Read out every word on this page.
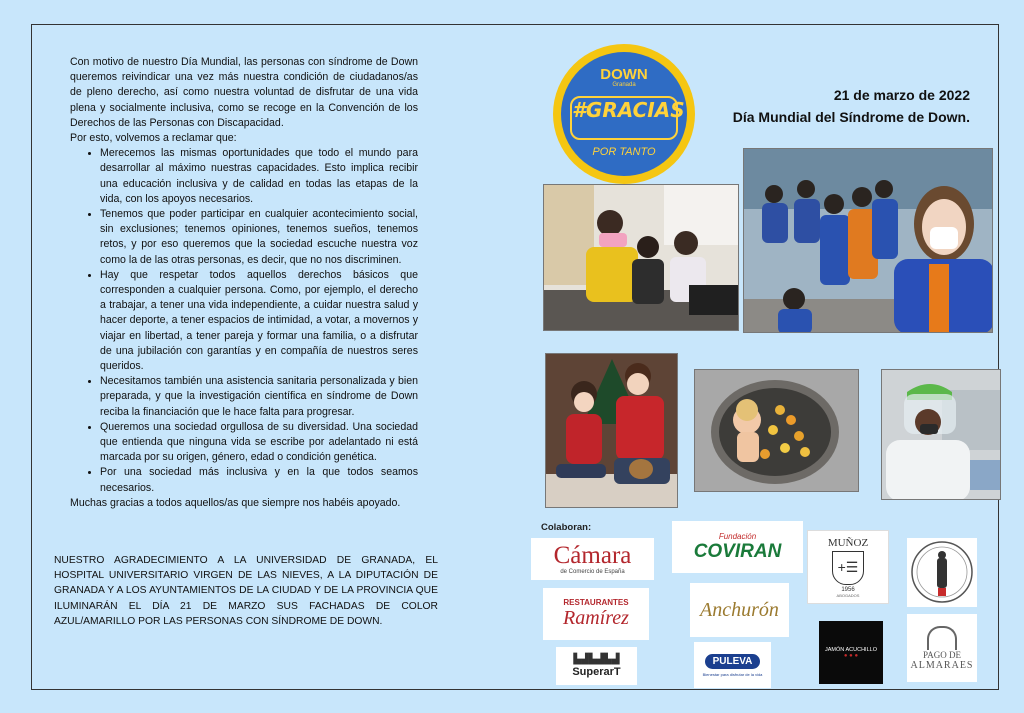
Con motivo de nuestro Día Mundial, las personas con síndrome de Down queremos reivindicar una vez más nuestra condición de ciudadanos/as de pleno derecho, así como nuestra voluntad de disfrutar de una vida plena y socialmente inclusiva, como se recoge en la Convención de los Derechos de las Personas con Discapacidad.

Por esto, volvemos a reclamar que:

• Merecemos las mismas oportunidades que todo el mundo para desarrollar al máximo nuestras capacidades. Esto implica recibir una educación inclusiva y de calidad en todas las etapas de la vida, con los apoyos necesarios.
• Tenemos que poder participar en cualquier acontecimiento social, sin exclusiones; tenemos opiniones, tenemos sueños, tenemos retos, y por eso queremos que la sociedad escuche nuestra voz como la de las otras personas, es decir, que no nos discriminen.
• Hay que respetar todos aquellos derechos básicos que corresponden a cualquier persona. Como, por ejemplo, el derecho a trabajar, a tener una vida independiente, a cuidar nuestra salud y hacer deporte, a tener espacios de intimidad, a votar, a movernos y viajar en libertad, a tener pareja y formar una familia, o a disfrutar de una jubilación con garantías y en compañía de nuestros seres queridos.
• Necesitamos también una asistencia sanitaria personalizada y bien preparada, y que la investigación científica en síndrome de Down reciba la financiación que le hace falta para progresar.
• Queremos una sociedad orgullosa de su diversidad. Una sociedad que entienda que ninguna vida se escribe por adelantado ni está marcada por su origen, género, edad o condición genética.
• Por una sociedad más inclusiva y en la que todos seamos necesarios.

Muchas gracias a todos aquellos/as que siempre nos habéis apoyado.

NUESTRO AGRADECIMIENTO A LA UNIVERSIDAD DE GRANADA, EL HOSPITAL UNIVERSITARIO VIRGEN DE LAS NIEVES, A LA DIPUTACIÓN DE GRANADA Y A LOS AYUNTAMIENTOS DE LA CIUDAD Y DE LA PROVINCIA QUE ILUMINARÁN EL DÍA 21 DE MARZO SUS FACHADAS DE COLOR AZUL/AMARILLO POR LAS PERSONAS CON SÍNDROME DE DOWN.
DOWN
Granada
#GRACIAS
POR TANTO
21 de marzo de 2022
Día Mundial del Síndrome de Down.
Colaboran:
Cámara
de Comercio de España
Fundación
COVIRAN	MUÑOZ
+☰
1956
ABOGADOS
RESTAURANTES
Ramírez	Anchurón
JAMÓN ACUCHILLO
● ● ●	PAGO DE
ALMARAES
▙▟▙▟▙▟
SuperarT
PULEVA
Bienestar para disfrutar de la vida
